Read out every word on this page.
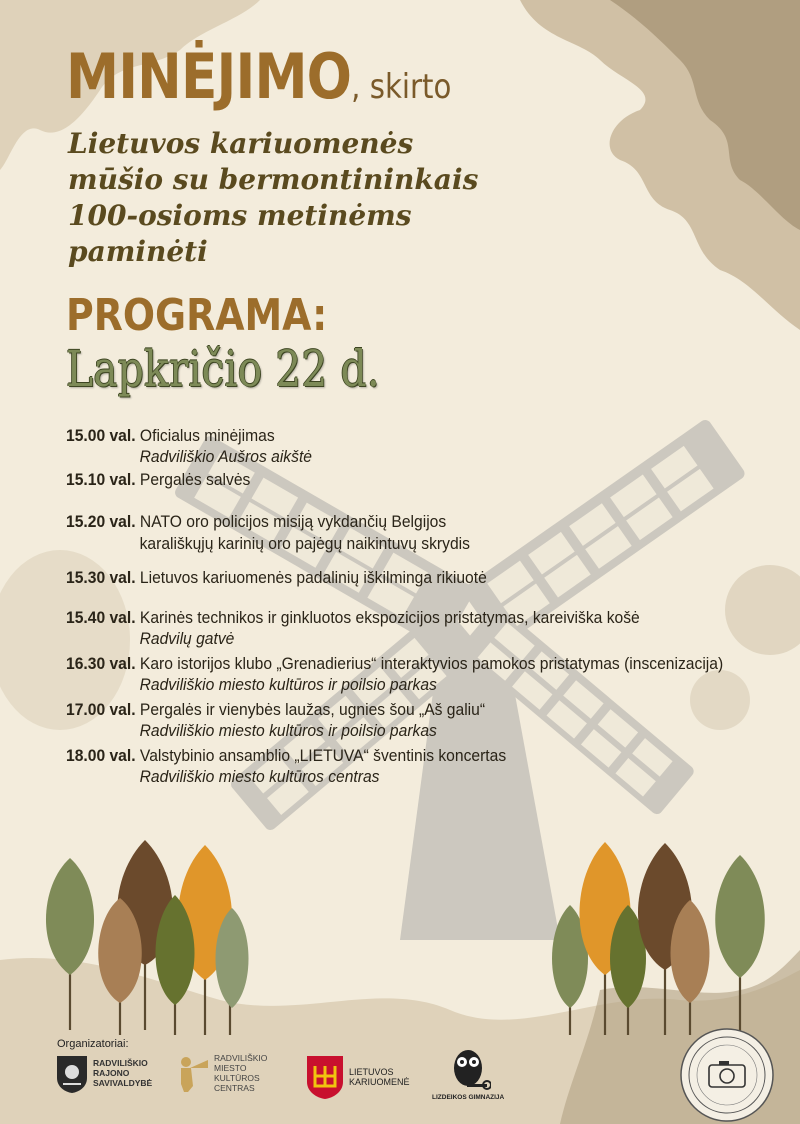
MINĖJIMO, skirto
Lietuvos kariuomenės
mūšio su bermontininkais
100-osioms metinėms
paminėti
PROGRAMA:
Lapkričio 22 d.
15.00 val. Oficialus minėjimas
Radviliškio Aušros aikštė
15.10 val. Pergalės salvės
15.20 val. NATO oro policijos misiją vykdančių Belgijos
karališkųjų karinių oro pajėgų naikintuvų skrydis
15.30 val. Lietuvos kariuomenės padalinių iškilminga rikiuotė
15.40 val. Karinės technikos ir ginkluotos ekspozicijos pristatymas, kareiviška košė
Radvilų gatvė
16.30 val. Karo istorijos klubo „Grenadierius“ interaktyvios pamokos pristatymas (inscenizacija)
Radviliškio miesto kultūros ir poilsio parkas
17.00 val. Pergalės ir vienybės laužas, ugnies šou „Aš galiu“
Radviliškio miesto kultūros ir poilsio parkas
18.00 val. Valstybinio ansamblio „LIETUVA“ šventinis koncertas
Radviliškio miesto kultūros centras
Organizatoriai:
RADVILIŠKIO
RAJONO
SAVIVALDYBĖ
RADVILIŠKIO
MIESTO
KULTŪROS
CENTRAS
LIETUVOS
KARIUOMENĖ
LIZDEIKOS GIMNAZIJA
